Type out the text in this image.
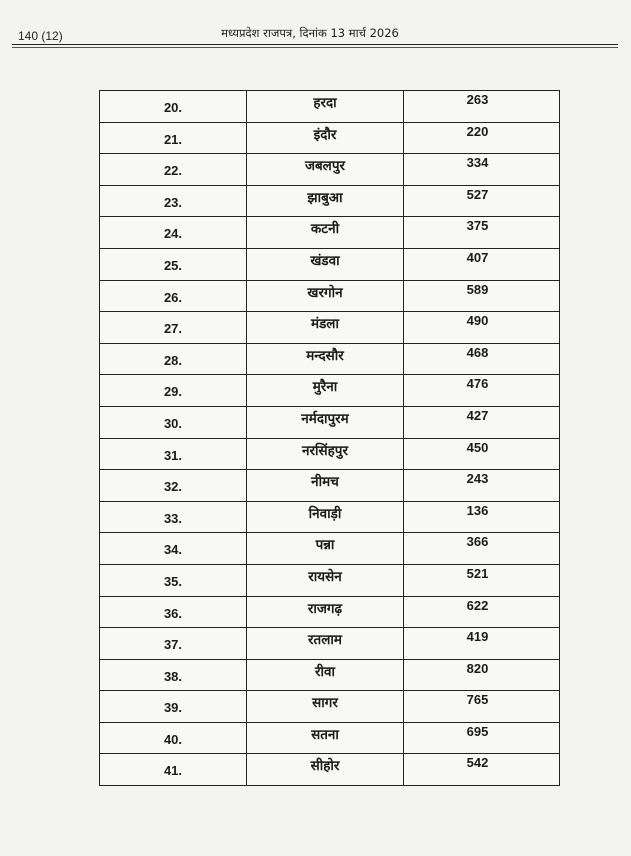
140 (12)	मध्यप्रदेश राजपत्र, दिनांक 13 मार्च 2026
20.	हरदा	263
21.	इंदौर	220
22.	जबलपुर	334
23.	झाबुआ	527
24.	कटनी	375
25.	खंडवा	407
26.	खरगोन	589
27.	मंडला	490
28.	मन्दसौर	468
29.	मुरैना	476
30.	नर्मदापुरम	427
31.	नरसिंहपुर	450
32.	नीमच	243
33.	निवाड़ी	136
34.	पन्ना	366
35.	रायसेन	521
36.	राजगढ़	622
37.	रतलाम	419
38.	रीवा	820
39.	सागर	765
40.	सतना	695
41.	सीहोर	542
